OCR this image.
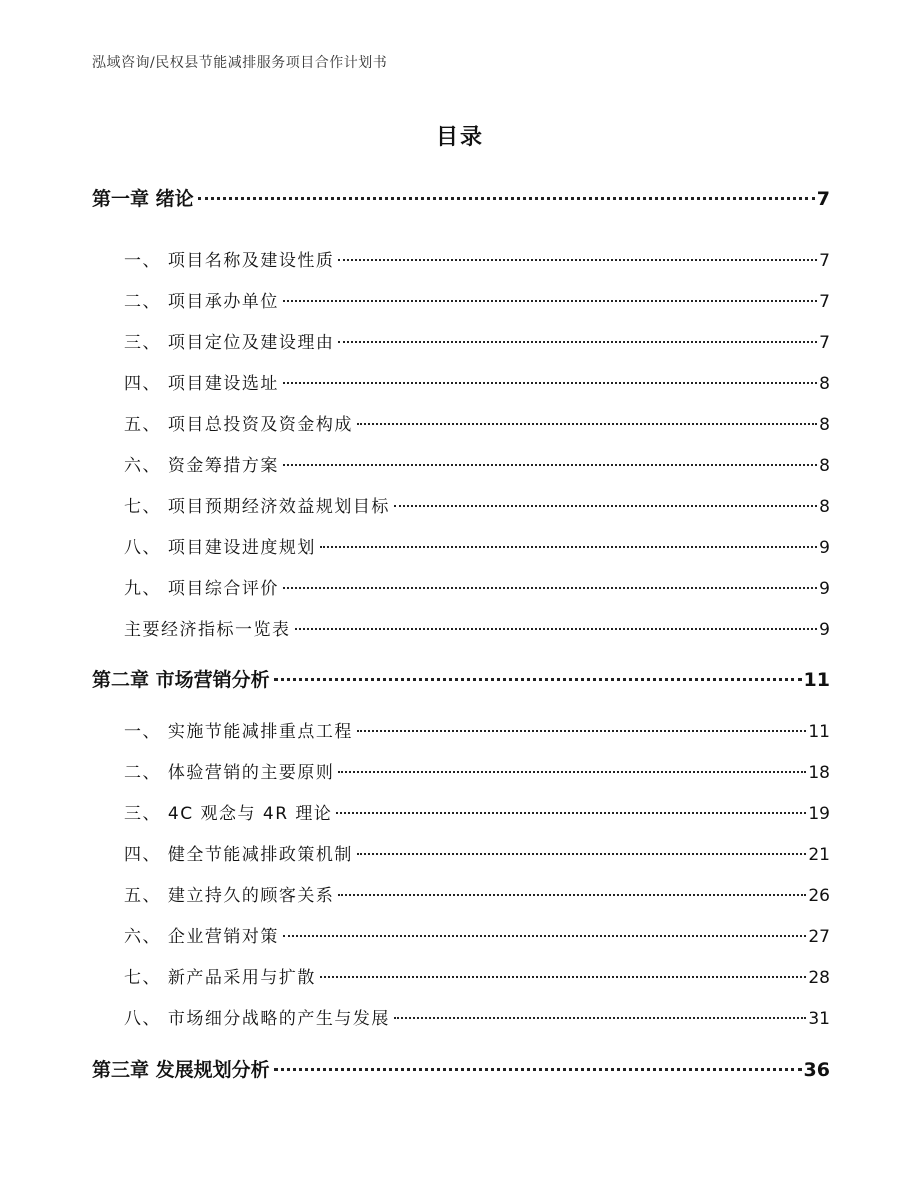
泓域咨询/民权县节能减排服务项目合作计划书
目录
第一章 绪论	7
一、 项目名称及建设性质	7
二、 项目承办单位	7
三、 项目定位及建设理由	7
四、 项目建设选址	8
五、 项目总投资及资金构成	8
六、 资金筹措方案	8
七、 项目预期经济效益规划目标	8
八、 项目建设进度规划	9
九、 项目综合评价	9
主要经济指标一览表	9
第二章 市场营销分析	11
一、 实施节能减排重点工程	11
二、 体验营销的主要原则	18
三、 4C 观念与 4R 理论	19
四、 健全节能减排政策机制	21
五、 建立持久的顾客关系	26
六、 企业营销对策	27
七、 新产品采用与扩散	28
八、 市场细分战略的产生与发展	31
第三章 发展规划分析	36
